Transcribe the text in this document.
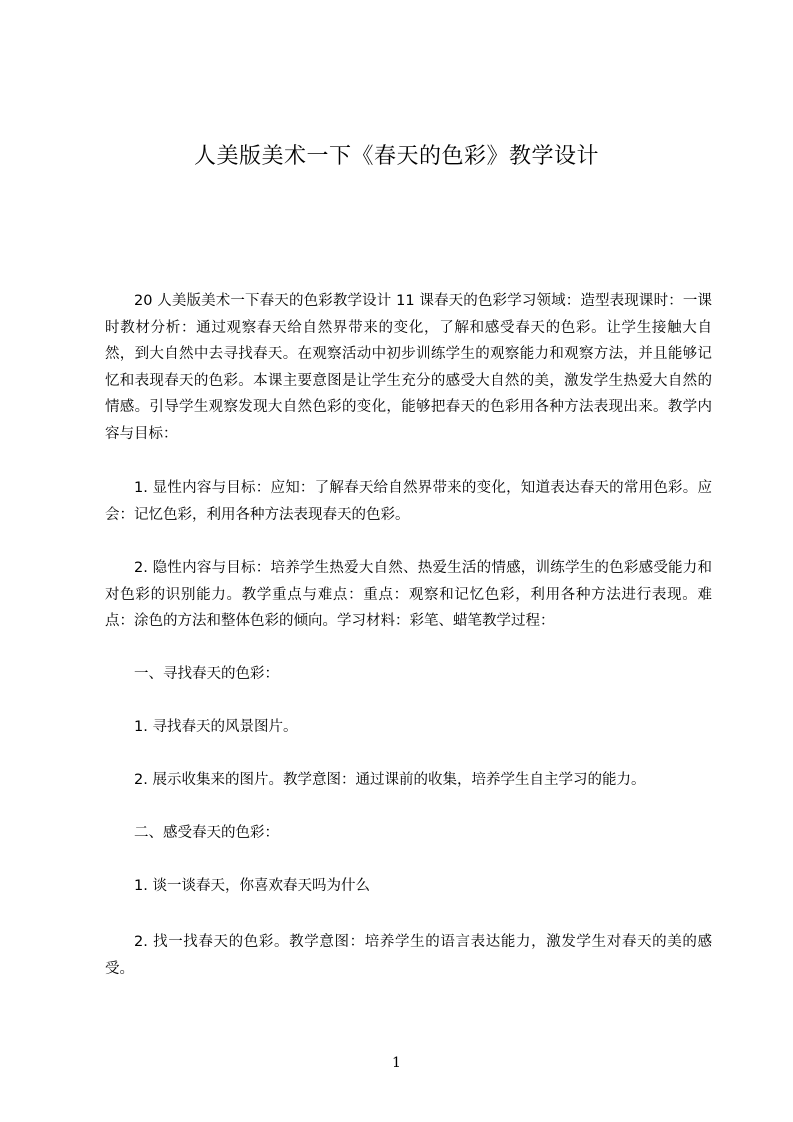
人美版美术一下《春天的色彩》教学设计

20 人美版美术一下春天的色彩教学设计 11 课春天的色彩学习领域：造型表现课时：一课时教材分析：通过观察春天给自然界带来的变化，了解和感受春天的色彩。让学生接触大自然，到大自然中去寻找春天。在观察活动中初步训练学生的观察能力和观察方法，并且能够记忆和表现春天的色彩。本课主要意图是让学生充分的感受大自然的美，激发学生热爱大自然的情感。引导学生观察发现大自然色彩的变化，能够把春天的色彩用各种方法表现出来。教学内容与目标：

1. 显性内容与目标：应知：了解春天给自然界带来的变化，知道表达春天的常用色彩。应会：记忆色彩，利用各种方法表现春天的色彩。

2. 隐性内容与目标：培养学生热爱大自然、热爱生活的情感，训练学生的色彩感受能力和对色彩的识别能力。教学重点与难点：重点：观察和记忆色彩，利用各种方法进行表现。难点：涂色的方法和整体色彩的倾向。学习材料：彩笔、蜡笔教学过程：

一、寻找春天的色彩：

1. 寻找春天的风景图片。

2. 展示收集来的图片。教学意图：通过课前的收集，培养学生自主学习的能力。

二、感受春天的色彩：

1. 谈一谈春天，你喜欢春天吗为什么

2. 找一找春天的色彩。教学意图：培养学生的语言表达能力，激发学生对春天的美的感受。

1
